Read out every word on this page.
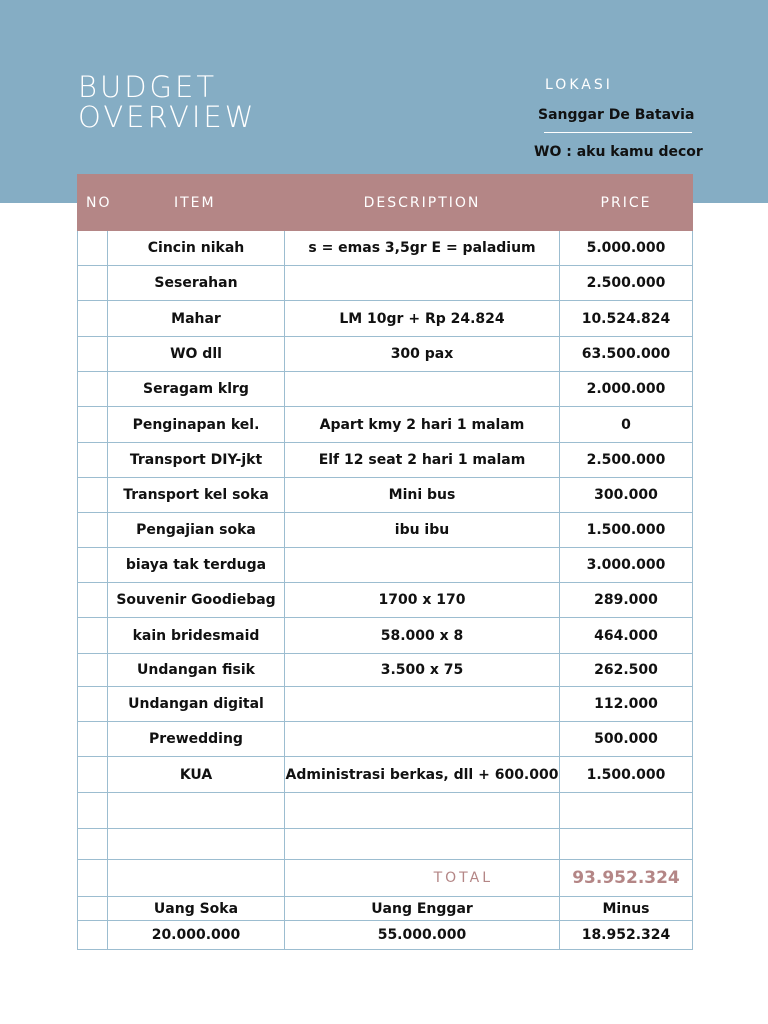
BUDGET
OVERVIEW
LOKASI
Sanggar De Batavia
WO : aku kamu decor
NO	ITEM	DESCRIPTION	PRICE
	Cincin nikah	s = emas 3,5gr E = paladium	5.000.000
	Seserahan		2.500.000
	Mahar	LM 10gr + Rp 24.824	10.524.824
	WO dll	300 pax	63.500.000
	Seragam klrg		2.000.000
	Penginapan kel.	Apart kmy 2 hari 1 malam	0
	Transport DIY-jkt	Elf 12 seat 2 hari 1 malam	2.500.000
	Transport kel soka	Mini bus	300.000
	Pengajian soka	ibu ibu	1.500.000
	biaya tak terduga		3.000.000
	Souvenir Goodiebag	1700 x 170	289.000
	kain bridesmaid	58.000 x 8	464.000
	Undangan fisik	3.500 x 75	262.500
	Undangan digital		112.000
	Prewedding		500.000
	KUA	Administrasi berkas, dll + 600.000	1.500.000

		TOTAL	93.952.324
	Uang Soka	Uang Enggar	Minus
	20.000.000	55.000.000	18.952.324
